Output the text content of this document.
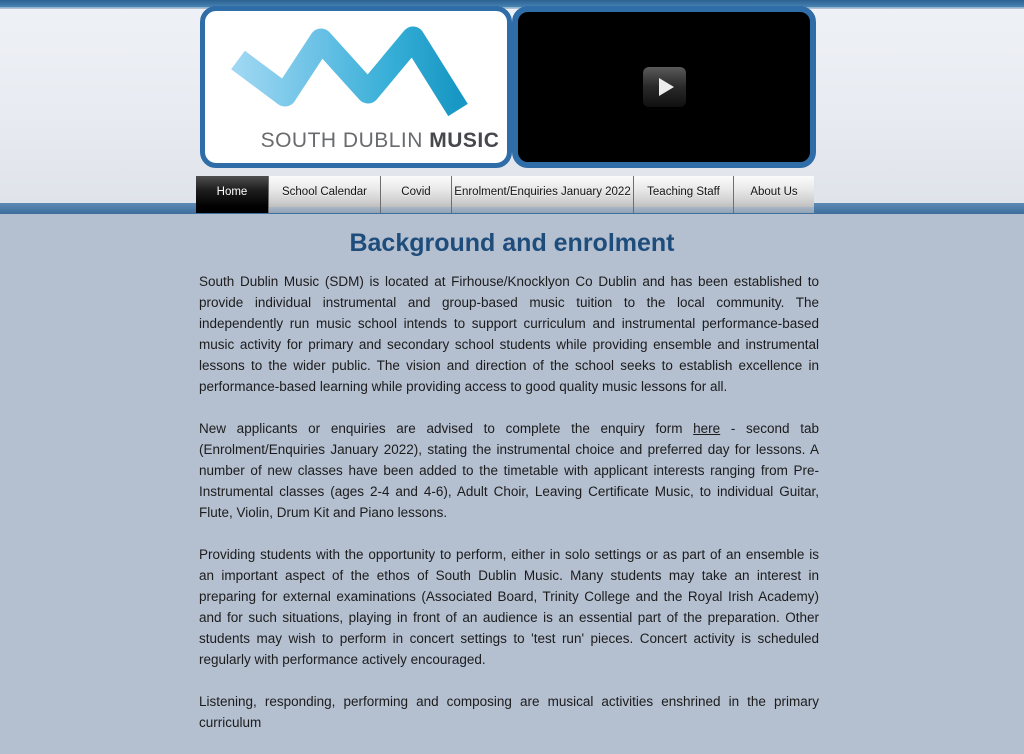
SOUTH DUBLIN MUSIC
Home	School Calendar	Covid	Enrolment/Enquiries January 2022	Teaching Staff	About Us
Background and enrolment

South Dublin Music (SDM) is located at Firhouse/Knocklyon Co Dublin and has been established to provide individual instrumental and group-based music tuition to the local community. The independently run music school intends to support curriculum and instrumental performance-based music activity for primary and secondary school students while providing ensemble and instrumental lessons to the wider public. The vision and direction of the school seeks to establish excellence in performance-based learning while providing access to good quality music lessons for all.

New applicants or enquiries are advised to complete the enquiry form here - second tab (Enrolment/Enquiries January 2022), stating the instrumental choice and preferred day for lessons. A number of new classes have been added to the timetable with applicant interests ranging from Pre-Instrumental classes (ages 2-4 and 4-6), Adult Choir, Leaving Certificate Music, to individual Guitar, Flute, Violin, Drum Kit and Piano lessons.

Providing students with the opportunity to perform, either in solo settings or as part of an ensemble is an important aspect of the ethos of South Dublin Music. Many students may take an interest in preparing for external examinations (Associated Board, Trinity College and the Royal Irish Academy) and for such situations, playing in front of an audience is an essential part of the preparation. Other students may wish to perform in concert settings to 'test run' pieces. Concert activity is scheduled regularly with performance actively encouraged.

Listening, responding, performing and composing are musical activities enshrined in the primary curriculum
